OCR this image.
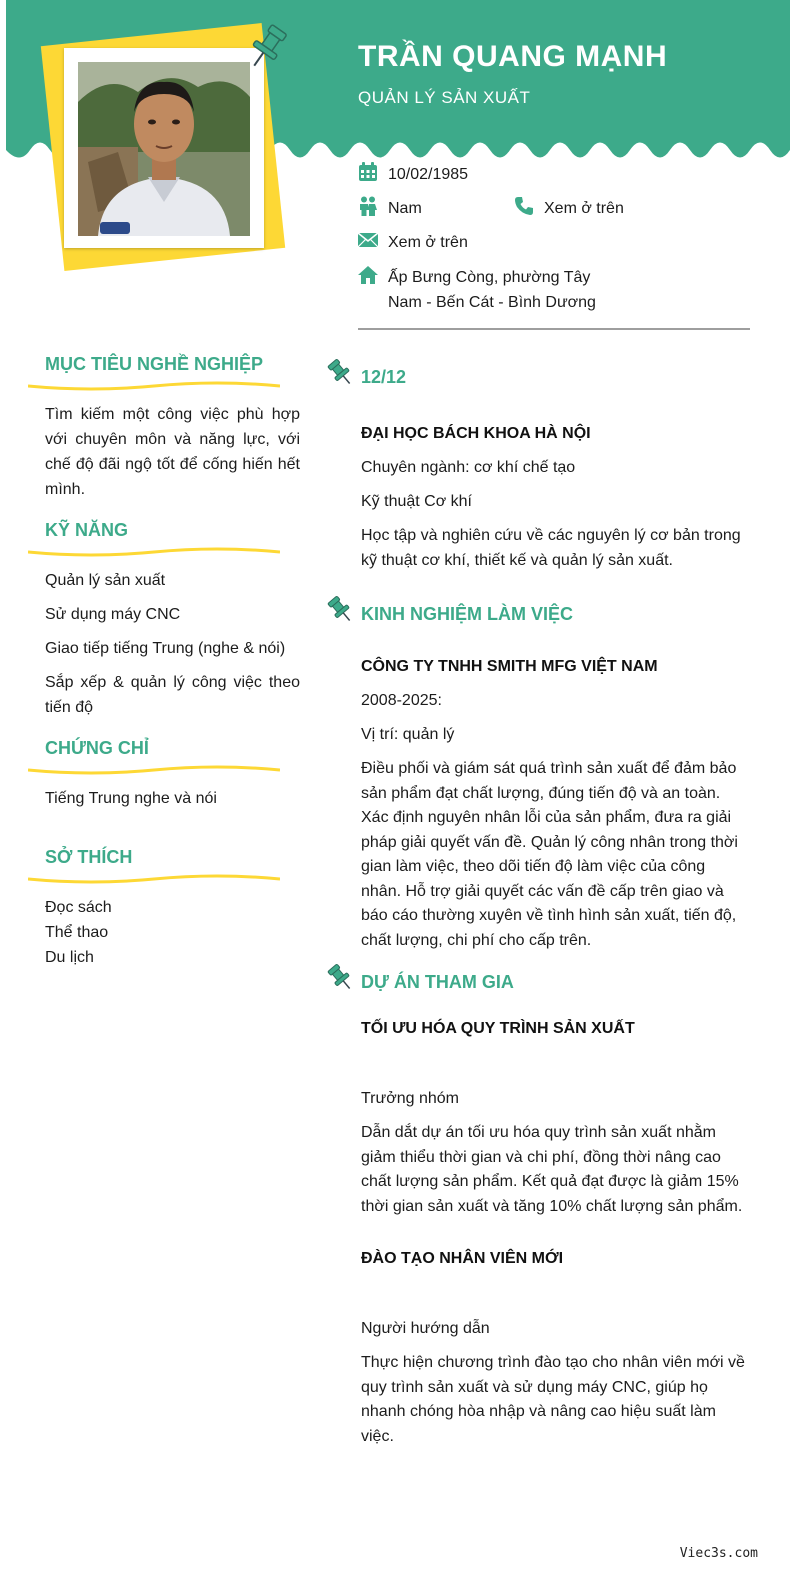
TRẦN QUANG MẠNH
QUẢN LÝ SẢN XUẤT
10/02/1985
Nam	Xem ở trên
Xem ở trên
Ấp Bưng Còng, phường Tây
Nam - Bến Cát - Bình Dương
MỤC TIÊU NGHỀ NGHIỆP
Tìm kiếm một công việc phù hợp với chuyên môn và năng lực, với chế độ đãi ngộ tốt để cống hiến hết mình.
KỸ NĂNG
Quản lý sản xuất
Sử dụng máy CNC
Giao tiếp tiếng Trung (nghe & nói)
Sắp xếp & quản lý công việc theo tiến độ
CHỨNG CHỈ
Tiếng Trung nghe và nói
SỞ THÍCH
Đọc sách
Thể thao
Du lịch
12/12
ĐẠI HỌC BÁCH KHOA HÀ NỘI
Chuyên ngành: cơ khí chế tạo
Kỹ thuật Cơ khí
Học tập và nghiên cứu về các nguyên lý cơ bản trong kỹ thuật cơ khí, thiết kế và quản lý sản xuất.
KINH NGHIỆM LÀM VIỆC
CÔNG TY TNHH SMITH MFG VIỆT NAM
2008-2025:
Vị trí: quản lý
Điều phối và giám sát quá trình sản xuất để đảm bảo sản phẩm đạt chất lượng, đúng tiến độ và an toàn. Xác định nguyên nhân lỗi của sản phẩm, đưa ra giải pháp giải quyết vấn đề. Quản lý công nhân trong thời gian làm việc, theo dõi tiến độ làm việc của công nhân. Hỗ trợ giải quyết các vấn đề cấp trên giao và báo cáo thường xuyên về tình hình sản xuất, tiến độ, chất lượng, chi phí cho cấp trên.
DỰ ÁN THAM GIA
TỐI ƯU HÓA QUY TRÌNH SẢN XUẤT
Trưởng nhóm
Dẫn dắt dự án tối ưu hóa quy trình sản xuất nhằm giảm thiểu thời gian và chi phí, đồng thời nâng cao chất lượng sản phẩm. Kết quả đạt được là giảm 15% thời gian sản xuất và tăng 10% chất lượng sản phẩm.
ĐÀO TẠO NHÂN VIÊN MỚI
Người hướng dẫn
Thực hiện chương trình đào tạo cho nhân viên mới về quy trình sản xuất và sử dụng máy CNC, giúp họ nhanh chóng hòa nhập và nâng cao hiệu suất làm việc.
Viec3s.com
